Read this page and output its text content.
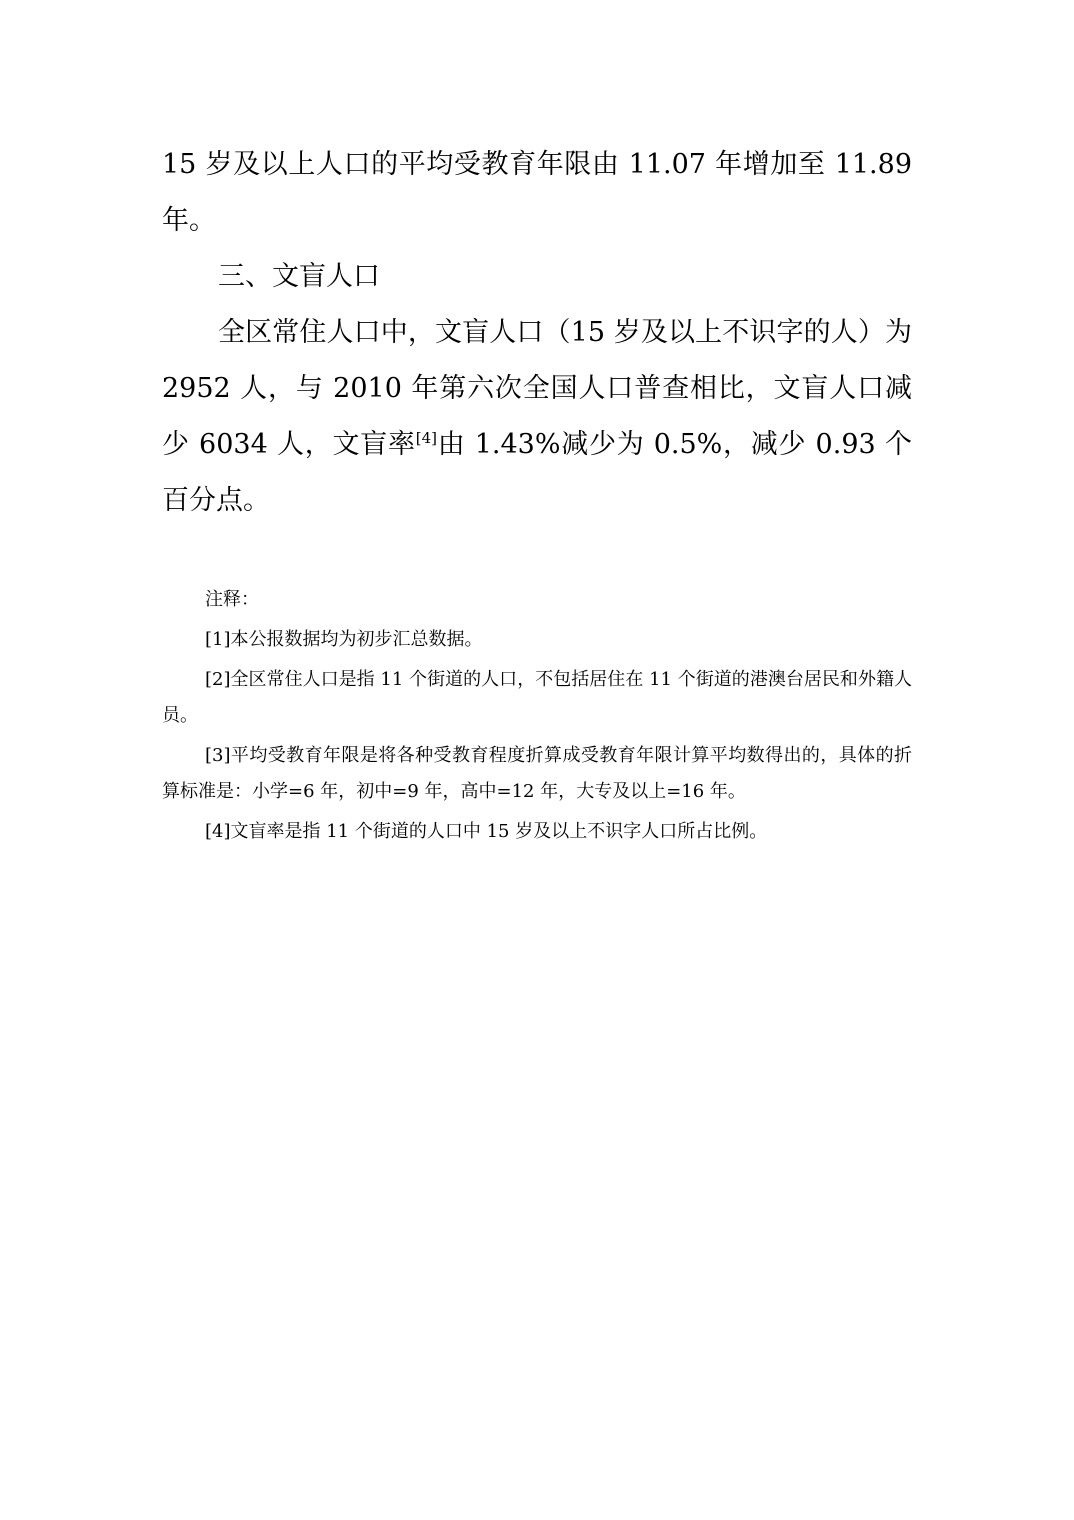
15 岁及以上人口的平均受教育年限由 11.07 年增加至 11.89 年。

三、文盲人口

全区常住人口中，文盲人口（15 岁及以上不识字的人）为 2952 人，与 2010 年第六次全国人口普查相比，文盲人口减少 6034 人，文盲率[4]由 1.43%减少为 0.5%，减少 0.93 个百分点。

注释：

[1]本公报数据均为初步汇总数据。

[2]全区常住人口是指 11 个街道的人口，不包括居住在 11 个街道的港澳台居民和外籍人员。

[3]平均受教育年限是将各种受教育程度折算成受教育年限计算平均数得出的，具体的折算标准是：小学=6 年，初中=9 年，高中=12 年，大专及以上=16 年。

[4]文盲率是指 11 个街道的人口中 15 岁及以上不识字人口所占比例。
